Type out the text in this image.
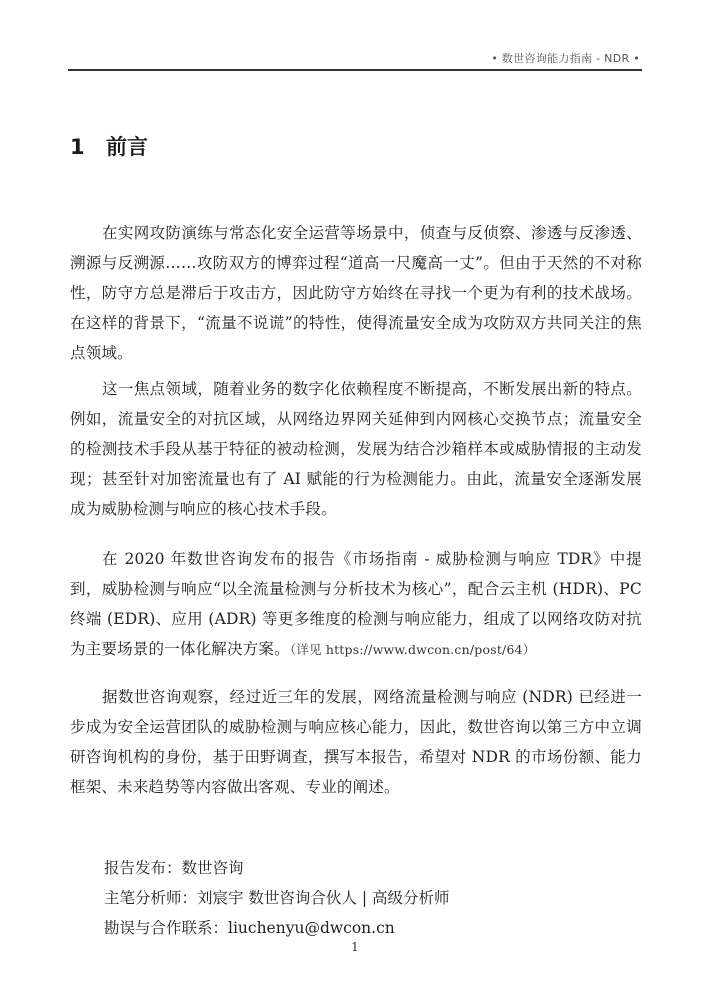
• 数世咨询能力指南 - NDR •
1 前言

在实网攻防演练与常态化安全运营等场景中，侦查与反侦察、渗透与反渗透、溯源与反溯源……攻防双方的博弈过程“道高一尺魔高一丈”。但由于天然的不对称性，防守方总是滞后于攻击方，因此防守方始终在寻找一个更为有利的技术战场。在这样的背景下，“流量不说谎”的特性，使得流量安全成为攻防双方共同关注的焦点领域。

这一焦点领域，随着业务的数字化依赖程度不断提高，不断发展出新的特点。例如，流量安全的对抗区域，从网络边界网关延伸到内网核心交换节点；流量安全的检测技术手段从基于特征的被动检测，发展为结合沙箱样本或威胁情报的主动发现；甚至针对加密流量也有了 AI 赋能的行为检测能力。由此，流量安全逐渐发展成为威胁检测与响应的核心技术手段。

在 2020 年数世咨询发布的报告《市场指南 - 威胁检测与响应 TDR》中提到，威胁检测与响应“以全流量检测与分析技术为核心”，配合云主机 (HDR)、PC 终端 (EDR)、应用 (ADR) 等更多维度的检测与响应能力，组成了以网络攻防对抗为主要场景的一体化解决方案。（详见 https://www.dwcon.cn/post/64）

据数世咨询观察，经过近三年的发展，网络流量检测与响应 (NDR) 已经进一步成为安全运营团队的威胁检测与响应核心能力，因此，数世咨询以第三方中立调研咨询机构的身份，基于田野调查，撰写本报告，希望对 NDR 的市场份额、能力框架、未来趋势等内容做出客观、专业的阐述。

报告发布：数世咨询
主笔分析师：刘宸宇 数世咨询合伙人 | 高级分析师
勘误与合作联系：liuchenyu@dwcon.cn
1
